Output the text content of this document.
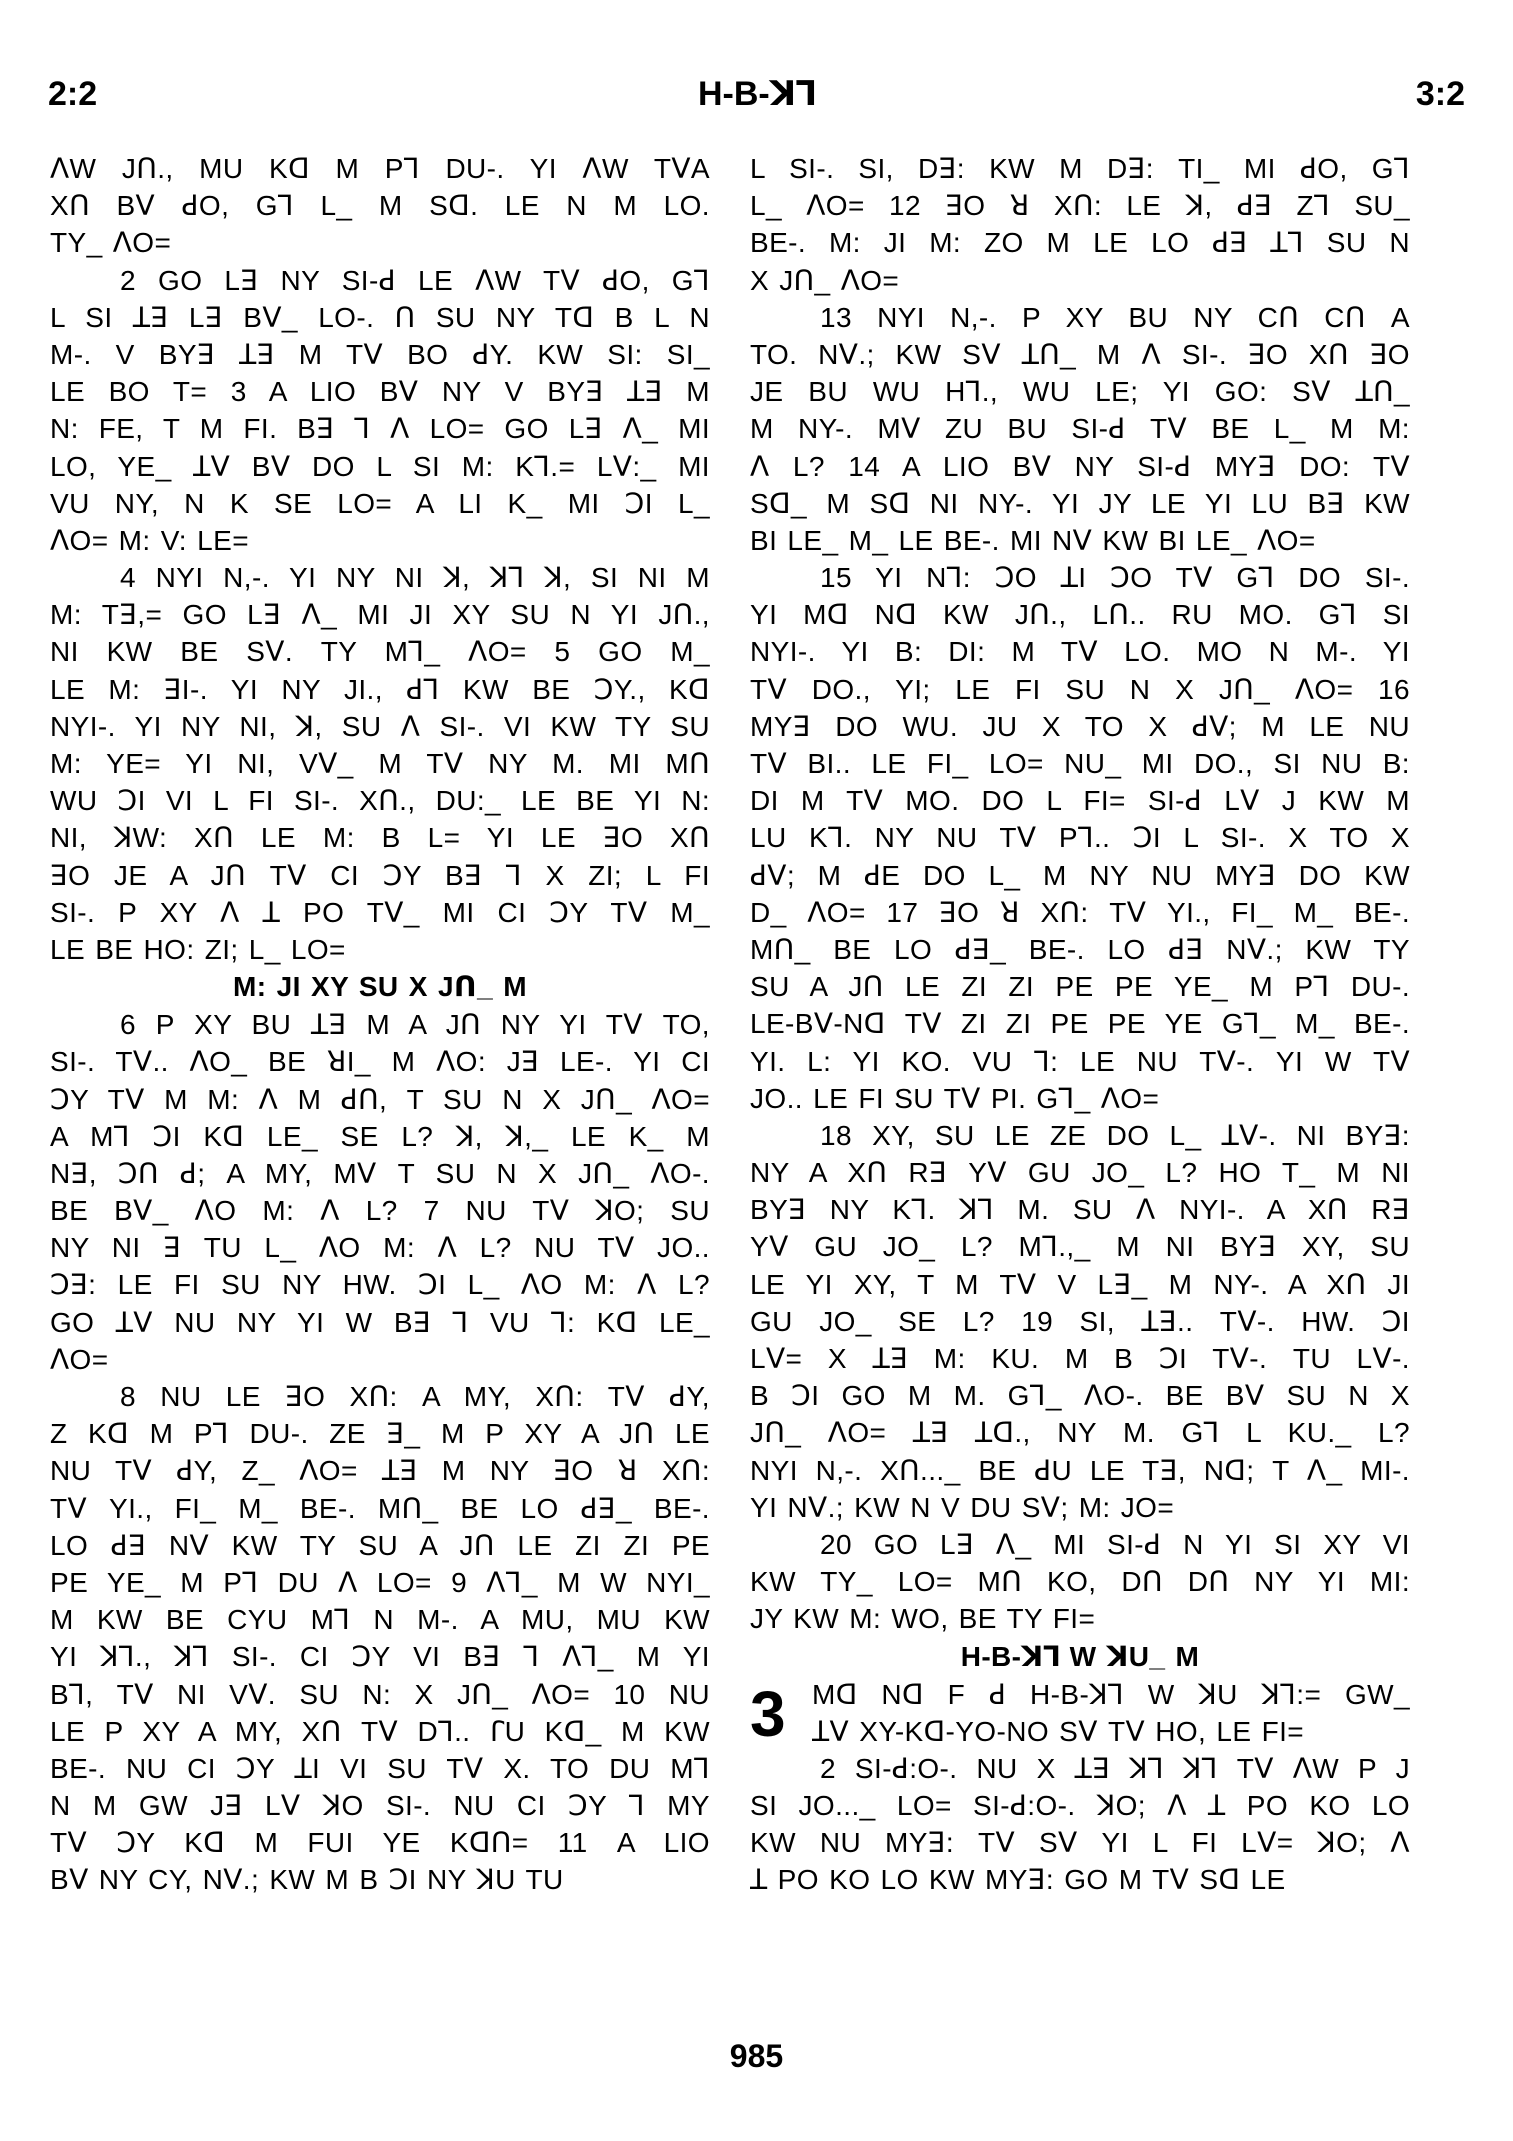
2:2	H-B-ꓘꓶ	3:2
ᐱW Jᑎ., MU Kꓷ M Pꓶ DU-. YI ᐱW TᐯA
Xᑎ Bᐯ ꓒO, Gꓶ L_ M Sꓷ. LE N M LO.
TY_ ᐱO=
2 GO Lꓱ NY SI-ꓒ LE ᐱW Tᐯ ꓒO, Gꓶ
L SI ꓕꓱ Lꓱ Bᐯ_ LO-. ᑎ SU NY Tꓷ B L N
M-. V BYꓱ ꓕꓱ M Tᐯ BO ꓒY. KW SI: SI_
LE BO T= 3 A LIO Bᐯ NY V BYꓱ ꓕꓱ M
N: FE, T M FI. Bꓱ ꓶ ᐱ LO= GO Lꓱ ᐱ_ MI
LO, YE_ ꓕᐯ Bᐯ DO L SI M: Kꓶ.= Lᐯ:_ MI
VU NY, N K SE LO= A LI K_ MI ꓛI L_
ᐱO= M: V: LE=
4 NYI N,-. YI NY NI ꓘ, ꓘꓶ ꓘ, SI NI M
M: Tꓱ,= GO Lꓱ ᐱ_ MI JI XY SU N YI Jᑎ.,
NI KW BE Sᐯ. TY Mꓶ_ ᐱO= 5 GO M_
LE M: ꓱI-. YI NY JI., ꓒꓶ KW BE ꓛY., Kꓷ
NYI-. YI NY NI, ꓘ, SU ᐱ SI-. VI KW TY SU
M: YE= YI NI, Vᐯ_ M Tᐯ NY M. MI Mᑎ
WU ꓛI VI L FI SI-. Xᑎ., DU:_ LE BE YI N:
NI, ꓘW: Xᑎ LE M: B L= YI LE ꓱO Xᑎ
ꓱO JE A Jᑎ Tᐯ CI ꓛY Bꓱ ꓶ X ZI; L FI
SI-. P XY ᐱ ꓕ PO Tᐯ_ MI CI ꓛY Tᐯ M_
LE BE HO: ZI; L_ LO=
M: JI XY SU X Jᑎ_ M
6 P XY BU ꓕꓱ M A Jᑎ NY YI Tᐯ TO,
SI-. Tᐯ.. ᐱO_ BE ꓤI_ M ᐱO: Jꓱ LE-. YI CI
ꓛY Tᐯ M M: ᐱ M ꓒᑎ, T SU N X Jᑎ_ ᐱO=
A Mꓶ ꓛI Kꓷ LE_ SE L? ꓘ, ꓘ,_ LE K_ M
Nꓱ, ꓛᑎ ꓒ; A MY, Mᐯ T SU N X Jᑎ_ ᐱO-.
BE Bᐯ_ ᐱO M: ᐱ L? 7 NU Tᐯ ꓘO; SU
NY NI ꓱ TU L_ ᐱO M: ᐱ L? NU Tᐯ JO..
ꓛꓱ: LE FI SU NY HW. ꓛI L_ ᐱO M: ᐱ L?
GO ꓕᐯ NU NY YI W Bꓱ ꓶ VU ꓶ: Kꓷ LE_
ᐱO=
8 NU LE ꓱO Xᑎ: A MY, Xᑎ: Tᐯ ꓒY,
Z Kꓷ M Pꓶ DU-. ZE ꓱ_ M P XY A Jᑎ LE
NU Tᐯ ꓒY, Z_ ᐱO= ꓕꓱ M NY ꓱO ꓤ Xᑎ:
Tᐯ YI., FI_ M_ BE-. Mᑎ_ BE LO ꓒꓱ_ BE-.
LO ꓒꓱ Nᐯ KW TY SU A Jᑎ LE ZI ZI PE
PE YE_ M Pꓶ DU ᐱ LO= 9 ᐱꓶ_ M W NYI_
M KW BE CYU Mꓶ N M-. A MU, MU KW
YI ꓘꓶ., ꓘꓶ SI-. CI ꓛY VI Bꓱ ꓶ ᐱꓶ_ M YI
Bꓶ, Tᐯ NI Vᐯ. SU N: X Jᑎ_ ᐱO= 10 NU
LE P XY A MY, Xᑎ Tᐯ Dꓶ.. ꓩU Kꓷ_ M KW
BE-. NU CI ꓛY ꓕI VI SU Tᐯ X. TO DU Mꓶ
N M GW Jꓱ Lᐯ ꓘO SI-. NU CI ꓛY ꓶ MY
Tᐯ ꓛY Kꓷ M FUI YE Kꓷᑎ= 11 A LIO
Bᐯ NY CY, Nᐯ.; KW M B ꓛI NY ꓘU TU
L SI-. SI, Dꓱ: KW M Dꓱ: TI_ MI ꓒO, Gꓶ
L_ ᐱO= 12 ꓱO ꓤ Xᑎ: LE ꓘ, ꓒꓱ Zꓶ SU_
BE-. M: JI M: ZO M LE LO ꓒꓱ ꓕꓶ SU N
X Jᑎ_ ᐱO=
13 NYI N,-. P XY BU NY Cᑎ Cᑎ A
TO. Nᐯ.; KW Sᐯ ꓕᑎ_ M ᐱ SI-. ꓱO Xᑎ ꓱO
JE BU WU Hꓶ., WU LE; YI GO: Sᐯ ꓕᑎ_
M NY-. Mᐯ ZU BU SI-ꓒ Tᐯ BE L_ M M:
ᐱ L? 14 A LIO Bᐯ NY SI-ꓒ MYꓱ DO: Tᐯ
Sꓷ_ M Sꓷ NI NY-. YI JY LE YI LU Bꓱ KW
BI LE_ M_ LE BE-. MI Nᐯ KW BI LE_ ᐱO=
15 YI Nꓶ: ꓛO ꓕI ꓛO Tᐯ Gꓶ DO SI-.
YI Mꓷ Nꓷ KW Jᑎ., Lᑎ.. RU MO. Gꓶ SI
NYI-. YI B: DI: M Tᐯ LO. MO N M-. YI
Tᐯ DO., YI; LE FI SU N X Jᑎ_ ᐱO= 16
MYꓱ DO WU. JU X TO X ꓒᐯ; M LE NU
Tᐯ BI.. LE FI_ LO= NU_ MI DO., SI NU B:
DI M Tᐯ MO. DO L FI= SI-ꓒ Lᐯ J KW M
LU Kꓶ. NY NU Tᐯ Pꓶ.. ꓛI L SI-. X TO X
ꓒᐯ; M ꓒE DO L_ M NY NU MYꓱ DO KW
D_ ᐱO= 17 ꓱO ꓤ Xᑎ: Tᐯ YI., FI_ M_ BE-.
Mᑎ_ BE LO ꓒꓱ_ BE-. LO ꓒꓱ Nᐯ.; KW TY
SU A Jᑎ LE ZI ZI PE PE YE_ M Pꓶ DU-.
LE-Bᐯ-Nꓷ Tᐯ ZI ZI PE PE YE Gꓶ_ M_ BE-.
YI. L: YI KO. VU ꓶ: LE NU Tᐯ-. YI W Tᐯ
JO.. LE FI SU Tᐯ PI. Gꓶ_ ᐱO=
18 XY, SU LE ZE DO L_ ꓕᐯ-. NI BYꓱ:
NY A Xᑎ Rꓱ Yᐯ GU JO_ L? HO T_ M NI
BYꓱ NY Kꓶ. ꓘꓶ M. SU ᐱ NYI-. A Xᑎ Rꓱ
Yᐯ GU JO_ L? Mꓶ.,_ M NI BYꓱ XY, SU
LE YI XY, T M Tᐯ V Lꓱ_ M NY-. A Xᑎ JI
GU JO_ SE L? 19 SI, ꓕꓱ.. Tᐯ-. HW. ꓛI
Lᐯ= X ꓕꓱ M: KU. M B ꓛI Tᐯ-. TU Lᐯ-.
B ꓛI GO M M. Gꓶ_ ᐱO-. BE Bᐯ SU N X
Jᑎ_ ᐱO= ꓕꓱ ꓕꓷ., NY M. Gꓶ L KU._ L?
NYI N,-. Xᑎ..._ BE ꓒU LE Tꓱ, Nꓷ; T ᐱ_ MI-.
YI Nᐯ.; KW N V DU Sᐯ; M: JO=
20 GO Lꓱ ᐱ_ MI SI-ꓒ N YI SI XY VI
KW TY_ LO= Mᑎ KO, Dᑎ Dᑎ NY YI MI:
JY KW M: WO, BE TY FI=
H-B-ꓘꓶ W ꓘU_ M
3 Mꓷ Nꓷ F ꓒ H-B-ꓘꓶ W ꓘU ꓘꓶ:= GW_
ꓕᐯ XY-Kꓷ-YO-NO Sᐯ Tᐯ HO, LE FI=
2 SI-ꓒ:O-. NU X ꓕꓱ ꓘꓶ ꓘꓶ Tᐯ ᐱW P J
SI JO..._ LO= SI-ꓒ:O-. ꓘO; ᐱ ꓕ PO KO LO
KW NU MYꓱ: Tᐯ Sᐯ YI L FI Lᐯ= ꓘO; ᐱ
ꓕ PO KO LO KW MYꓱ: GO M Tᐯ Sꓷ LE
985
